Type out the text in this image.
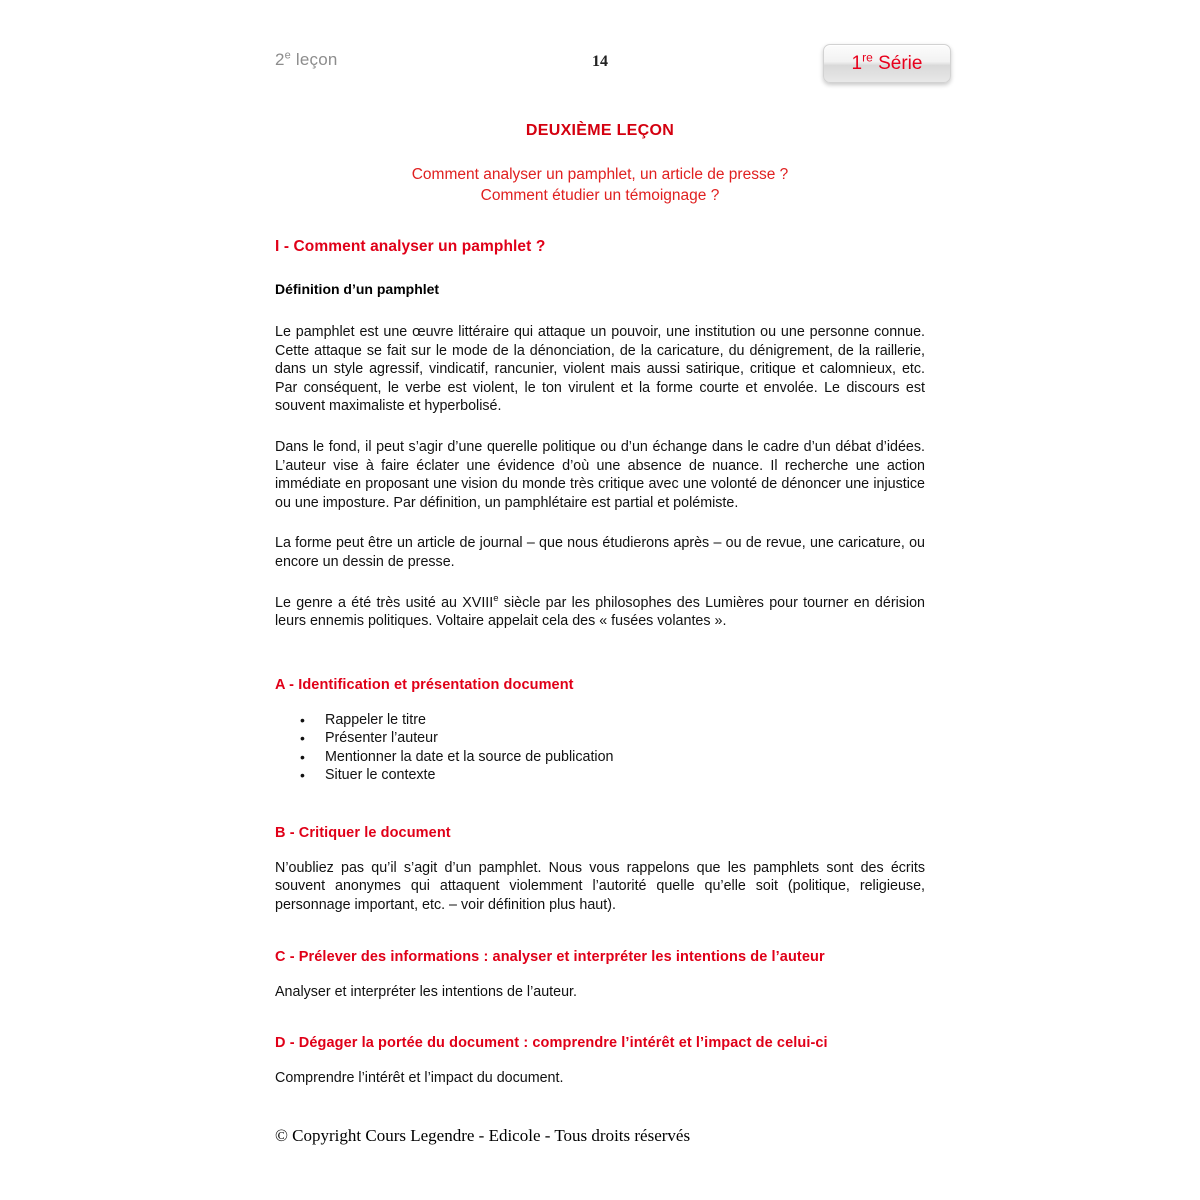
2e leçon	14	1re Série
DEUXIÈME LEÇON
Comment analyser un pamphlet, un article de presse ?
Comment étudier un témoignage ?
I - Comment analyser un pamphlet ?
Définition d’un pamphlet

Le pamphlet est une œuvre littéraire qui attaque un pouvoir, une institution ou une personne connue. Cette attaque se fait sur le mode de la dénonciation, de la caricature, du dénigrement, de la raillerie, dans un style agressif, vindicatif, rancunier, violent mais aussi satirique, critique et calomnieux, etc. Par conséquent, le verbe est violent, le ton virulent et la forme courte et envolée. Le discours est souvent maximaliste et hyperbolisé.

Dans le fond, il peut s’agir d’une querelle politique ou d’un échange dans le cadre d’un débat d’idées. L’auteur vise à faire éclater une évidence d’où une absence de nuance. Il recherche une action immédiate en proposant une vision du monde très critique avec une volonté de dénoncer une injustice ou une imposture. Par définition, un pamphlétaire est partial et polémiste.

La forme peut être un article de journal – que nous étudierons après – ou de revue, une caricature, ou encore un dessin de presse.

Le genre a été très usité au XVIIIe siècle par les philosophes des Lumières pour tourner en dérision leurs ennemis politiques. Voltaire appelait cela des « fusées volantes ».

A - Identification et présentation document
• Rappeler le titre
• Présenter l’auteur
• Mentionner la date et la source de publication
• Situer le contexte
B - Critiquer le document

N’oubliez pas qu’il s’agit d’un pamphlet. Nous vous rappelons que les pamphlets sont des écrits souvent anonymes qui attaquent violemment l’autorité quelle qu’elle soit (politique, religieuse, personnage important, etc. – voir définition plus haut).

C - Prélever des informations : analyser et interpréter les intentions de l’auteur

Analyser et interpréter les intentions de l’auteur.

D - Dégager la portée du document : comprendre l’intérêt et l’impact de celui-ci

Comprendre l’intérêt et l’impact du document.

© Copyright Cours Legendre - Edicole - Tous droits réservés
